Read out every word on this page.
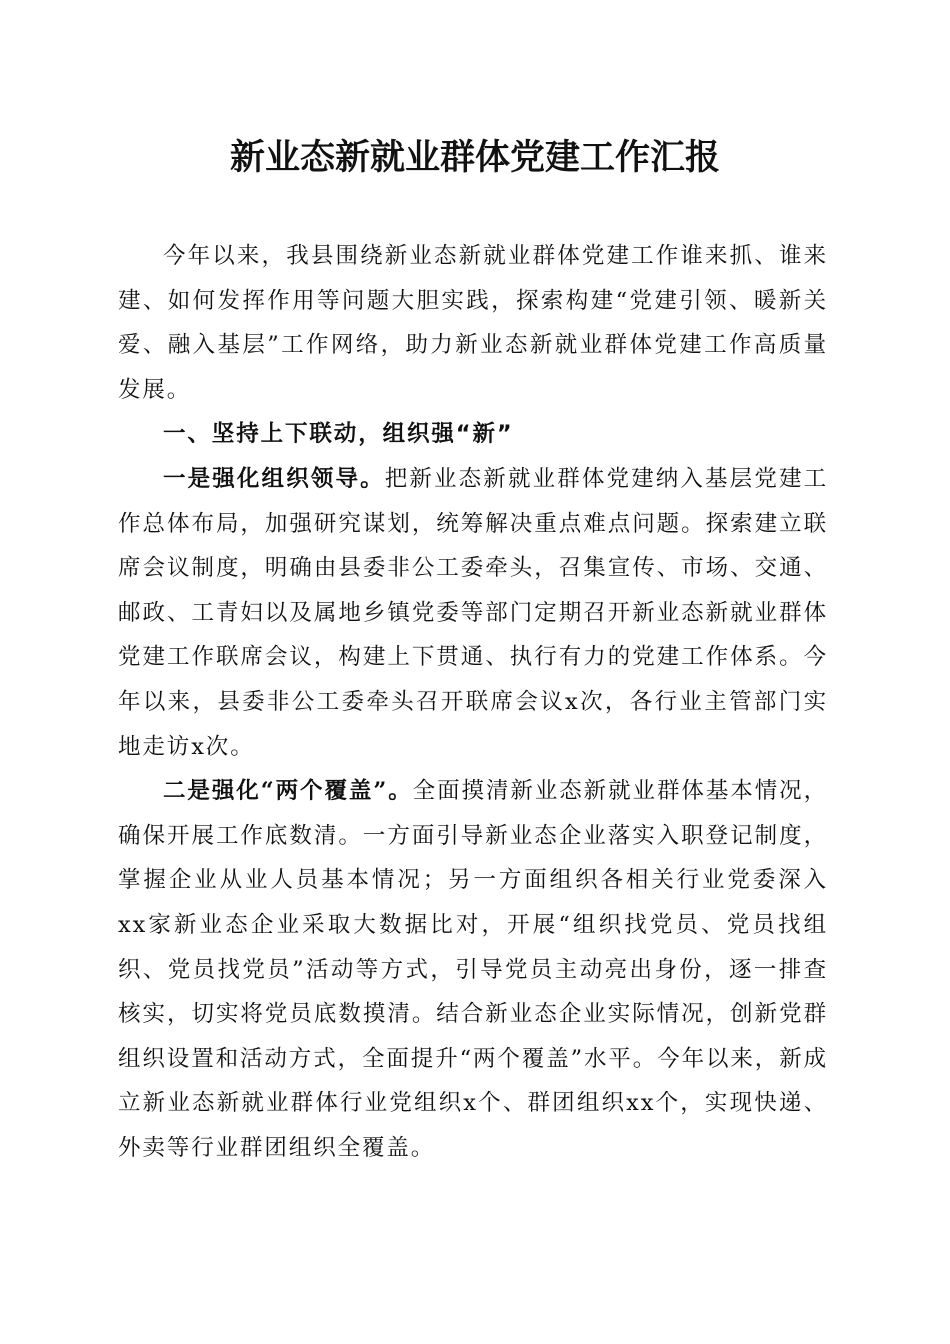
新业态新就业群体党建工作汇报

今年以来，我县围绕新业态新就业群体党建工作谁来抓、谁来建、如何发挥作用等问题大胆实践，探索构建“党建引领、暖新关爱、融入基层”工作网络，助力新业态新就业群体党建工作高质量发展。

一、坚持上下联动，组织强“新”

一是强化组织领导。把新业态新就业群体党建纳入基层党建工作总体布局，加强研究谋划，统筹解决重点难点问题。探索建立联席会议制度，明确由县委非公工委牵头，召集宣传、市场、交通、邮政、工青妇以及属地乡镇党委等部门定期召开新业态新就业群体党建工作联席会议，构建上下贯通、执行有力的党建工作体系。今年以来，县委非公工委牵头召开联席会议x次，各行业主管部门实地走访x次。

二是强化“两个覆盖”。全面摸清新业态新就业群体基本情况，确保开展工作底数清。一方面引导新业态企业落实入职登记制度，掌握企业从业人员基本情况；另一方面组织各相关行业党委深入xx家新业态企业采取大数据比对，开展“组织找党员、党员找组织、党员找党员”活动等方式，引导党员主动亮出身份，逐一排查核实，切实将党员底数摸清。结合新业态企业实际情况，创新党群组织设置和活动方式，全面提升“两个覆盖”水平。今年以来，新成立新业态新就业群体行业党组织x个、群团组织xx个，实现快递、外卖等行业群团组织全覆盖。
